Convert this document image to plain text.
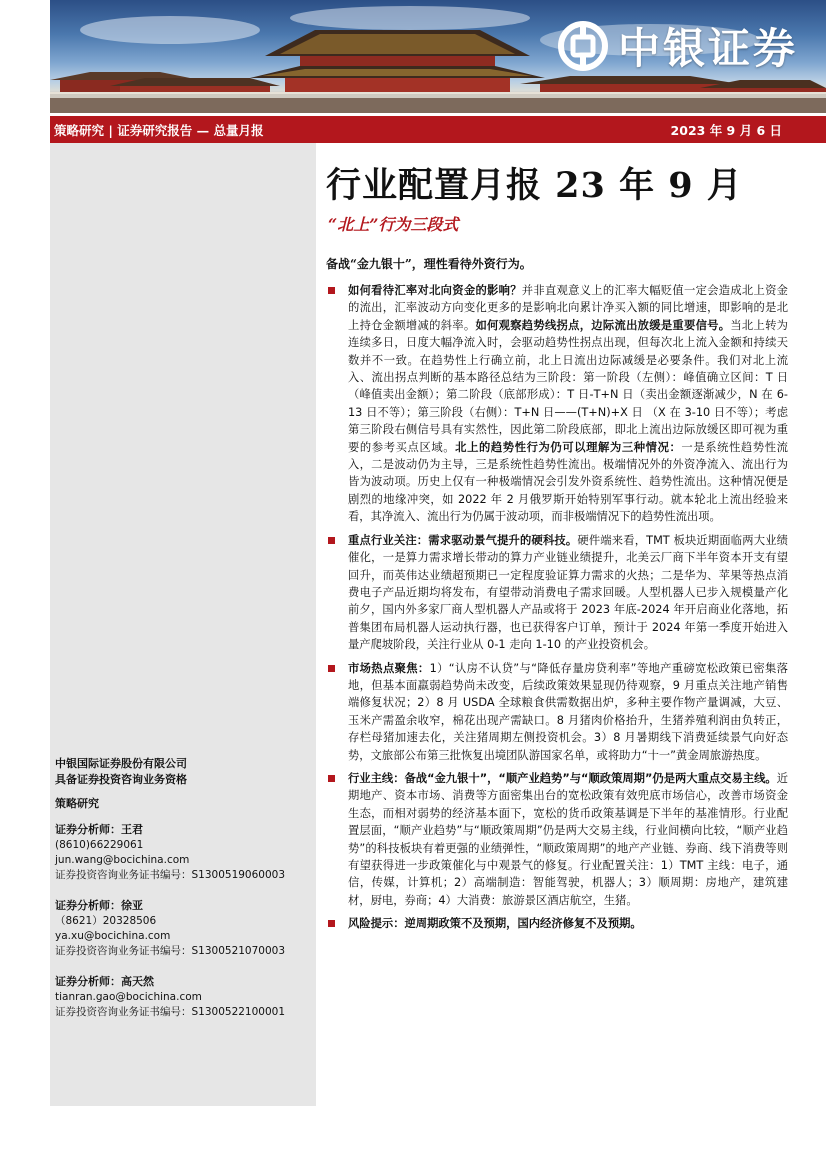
中银证券
策略研究 | 证券研究报告 — 总量月报	2023 年 9 月 6 日
中银国际证券股份有限公司
具备证券投资咨询业务资格
策略研究
证券分析师：王君
(8610)66229061
jun.wang@bocichina.com
证券投资咨询业务证书编号：S1300519060003
证券分析师：徐亚
（8621）20328506
ya.xu@bocichina.com
证券投资咨询业务证书编号：S1300521070003
证券分析师：高天然
tianran.gao@bocichina.com
证券投资咨询业务证书编号：S1300522100001
行业配置月报 23 年 9 月
“北上”行为三段式
备战“金九银十”，理性看待外资行为。
如何看待汇率对北向资金的影响？并非直观意义上的汇率大幅贬值一定会造成北上资金的流出，汇率波动方向变化更多的是影响北向累计净买入额的同比增速，即影响的是北上持仓金额增减的斜率。如何观察趋势线拐点，边际流出放缓是重要信号。当北上转为连续多日，日度大幅净流入时，会驱动趋势性拐点出现，但每次北上流入金额和持续天数并不一致。在趋势性上行确立前，北上日流出边际减缓是必要条件。我们对北上流入、流出拐点判断的基本路径总结为三阶段：第一阶段（左侧）：峰值确立区间：T 日（峰值卖出金额）；第二阶段（底部形成）：T 日-T+N 日（卖出金额逐渐减少，N 在 6-13 日不等）；第三阶段（右侧）：T+N 日——(T+N)+X 日 （X 在 3-10 日不等）；考虑第三阶段右侧信号具有实然性，因此第二阶段底部，即北上流出边际放缓区即可视为重要的参考买点区域。北上的趋势性行为仍可以理解为三种情况：一是系统性趋势性流入，二是波动仍为主导，三是系统性趋势性流出。极端情况外的外资净流入、流出行为皆为波动项。历史上仅有一种极端情况会引发外资系统性、趋势性流出。这种情况便是剧烈的地缘冲突，如 2022 年 2 月俄罗斯开始特别军事行动。就本轮北上流出经验来看，其净流入、流出行为仍属于波动项，而非极端情况下的趋势性流出项。
重点行业关注：需求驱动景气提升的硬科技。硬件端来看，TMT 板块近期面临两大业绩催化，一是算力需求增长带动的算力产业链业绩提升，北美云厂商下半年资本开支有望回升，而英伟达业绩超预期已一定程度验证算力需求的火热；二是华为、苹果等热点消费电子产品近期均将发布，有望带动消费电子需求回暖。人型机器人已步入规模量产化前夕，国内外多家厂商人型机器人产品或将于 2023 年底-2024 年开启商业化落地，拓普集团布局机器人运动执行器，也已获得客户订单，预计于 2024 年第一季度开始进入量产爬坡阶段，关注行业从 0-1 走向 1-10 的产业投资机会。
市场热点聚焦：1）“认房不认贷”与“降低存量房贷利率”等地产重磅宽松政策已密集落地，但基本面羸弱趋势尚未改变，后续政策效果显现仍待观察，9 月重点关注地产销售端修复状况；2）8 月 USDA 全球粮食供需数据出炉，多种主要作物产量调减，大豆、玉米产需盈余收窄，棉花出现产需缺口。8 月猪肉价格抬升，生猪养殖利润由负转正，存栏母猪加速去化，关注猪周期左侧投资机会。3）8 月暑期线下消费延续景气向好态势，文旅部公布第三批恢复出境团队游国家名单，或将助力“十一”黄金周旅游热度。
行业主线：备战“金九银十”，“顺产业趋势”与“顺政策周期”仍是两大重点交易主线。近期地产、资本市场、消费等方面密集出台的宽松政策有效兜底市场信心，改善市场资金生态，而相对弱势的经济基本面下，宽松的货币政策基调是下半年的基准情形。行业配置层面，“顺产业趋势”与“顺政策周期”仍是两大交易主线，行业间横向比较，“顺产业趋势”的科技板块有着更强的业绩弹性，“顺政策周期”的地产产业链、券商、线下消费等则有望获得进一步政策催化与中观景气的修复。行业配置关注：1）TMT 主线：电子，通信，传媒，计算机；2）高端制造：智能驾驶，机器人；3）顺周期：房地产，建筑建材，厨电，券商；4）大消费：旅游景区酒店航空，生猪。
风险提示：逆周期政策不及预期，国内经济修复不及预期。
